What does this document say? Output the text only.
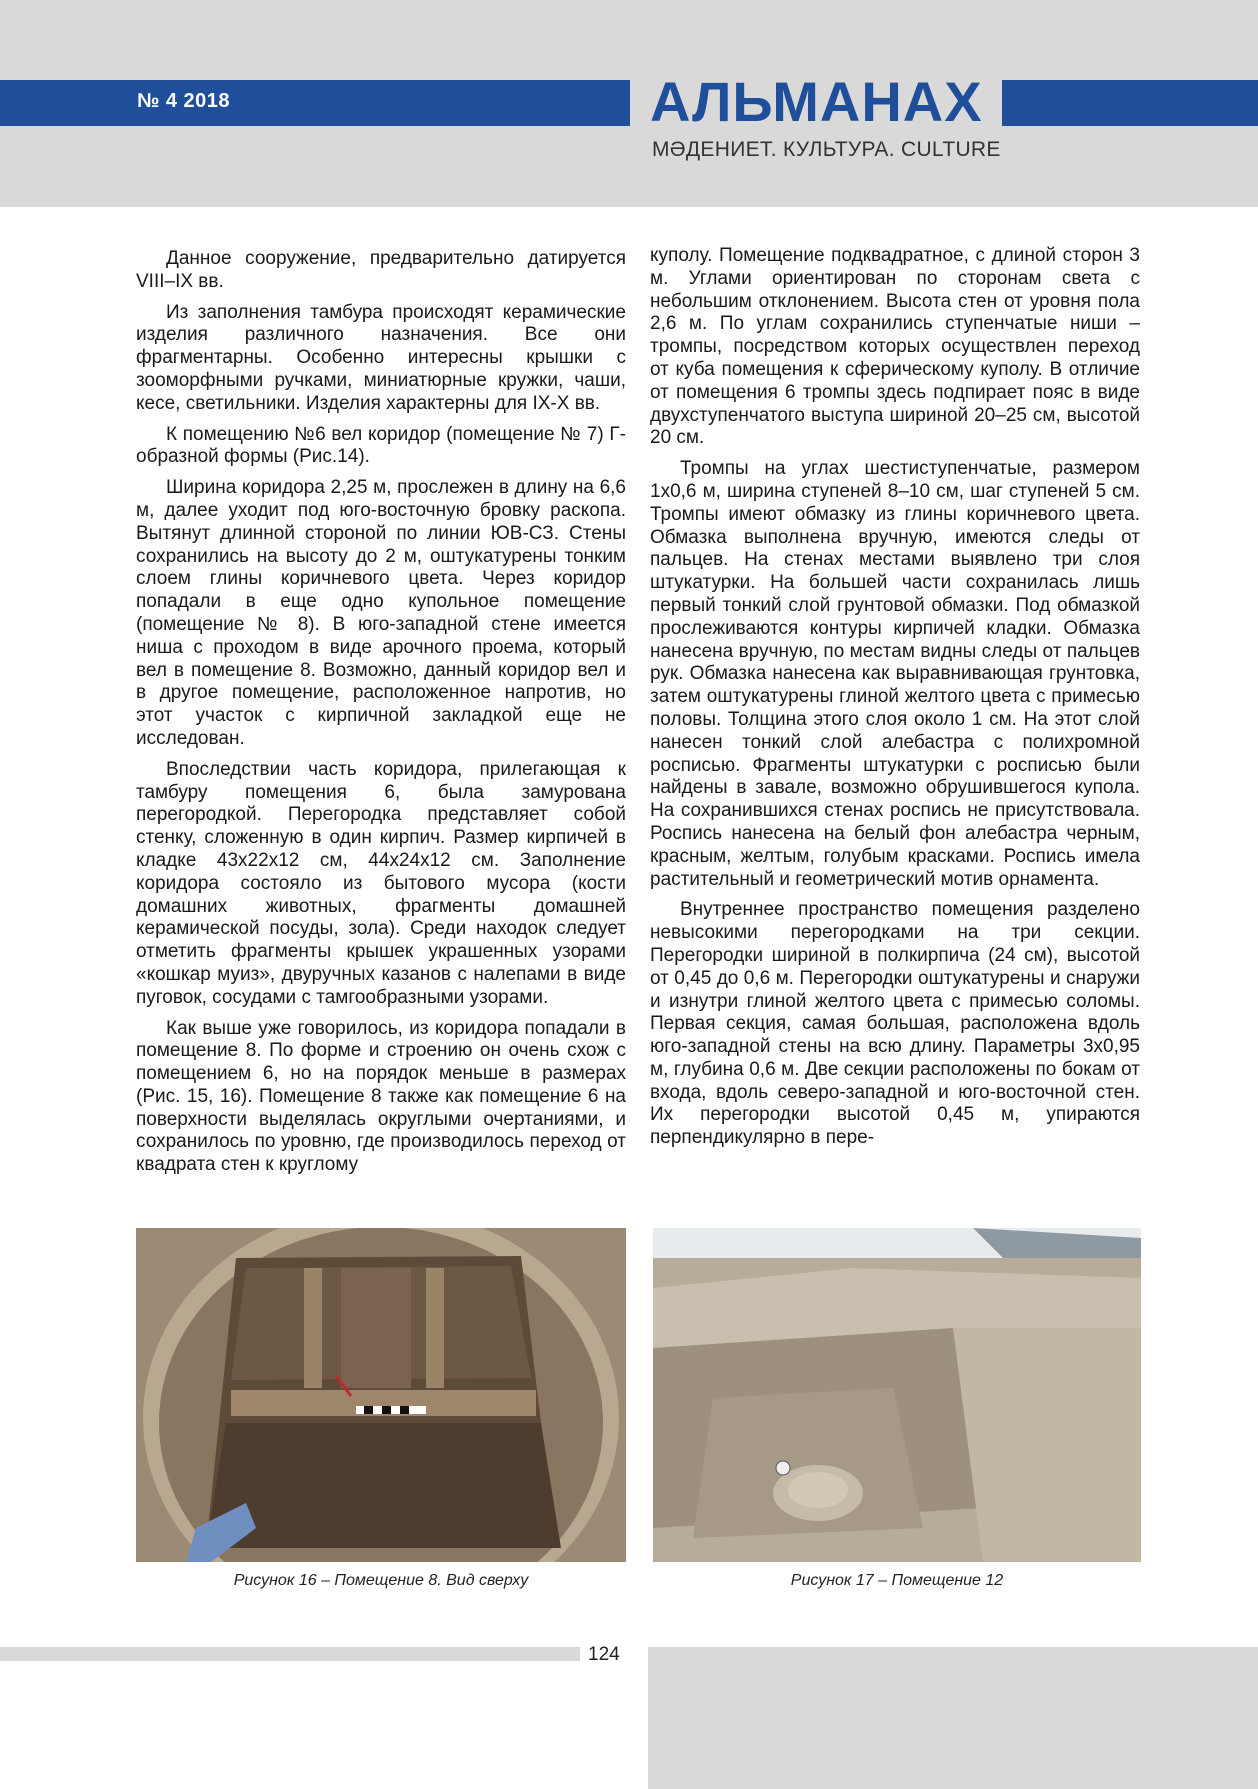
№ 4 2018	АЛЬМАНАХ
МӘДЕНИЕТ. КУЛЬТУРА. CULTURE

Данное сооружение, предварительно датируется VIII–IX вв.

Из заполнения тамбура происходят керамические изделия различного назначения. Все они фрагментарны. Особенно интересны крышки с зооморфными ручками, миниатюрные кружки, чаши, кесе, светильники. Изделия характерны для IX-X вв.

К помещению №6 вел коридор (помещение № 7) Г-образной формы (Рис.14).

Ширина коридора 2,25 м, прослежен в длину на 6,6 м, далее уходит под юго-восточную бровку раскопа. Вытянут длинной стороной по линии ЮВ-СЗ. Стены сохранились на высоту до 2 м, оштукатурены тонким слоем глины коричневого цвета. Через коридор попадали в еще одно купольное помещение (помещение № 8). В юго-западной стене имеется ниша с проходом в виде арочного проема, который вел в помещение 8. Возможно, данный коридор вел и в другое помещение, расположенное напротив, но этот участок с кирпичной закладкой еще не исследован.

Впоследствии часть коридора, прилегающая к тамбуру помещения 6, была замурована перегородкой. Перегородка представляет собой стенку, сложенную в один кирпич. Размер кирпичей в кладке 43х22х12 см, 44х24х12 см. Заполнение коридора состояло из бытового мусора (кости домашних животных, фрагменты домашней керамической посуды, зола). Среди находок следует отметить фрагменты крышек украшенных узорами «кошкар муиз», двуручных казанов с налепами в виде пуговок, сосудами с тамгообразными узорами.

Как выше уже говорилось, из коридора попадали в помещение 8. По форме и строению он очень схож с помещением 6, но на порядок меньше в размерах (Рис. 15, 16). Помещение 8 также как помещение 6 на поверхности выделялась округлыми очертаниями, и сохранилось по уровню, где производилось переход от квадрата стен к круглому

куполу. Помещение подквадратное, с длиной сторон 3 м. Углами ориентирован по сторонам света с небольшим отклонением. Высота стен от уровня пола 2,6 м. По углам сохранились ступенчатые ниши – тромпы, посредством которых осуществлен переход от куба помещения к сферическому куполу. В отличие от помещения 6 тромпы здесь подпирает пояс в виде двухступенчатого выступа шириной 20–25 см, высотой 20 см.

Тромпы на углах шестиступенчатые, размером 1х0,6 м, ширина ступеней 8–10 см, шаг ступеней 5 см. Тромпы имеют обмазку из глины коричневого цвета. Обмазка выполнена вручную, имеются следы от пальцев. На стенах местами выявлено три слоя штукатурки. На большей части сохранилась лишь первый тонкий слой грунтовой обмазки. Под обмазкой прослеживаются контуры кирпичей кладки. Обмазка нанесена вручную, по местам видны следы от пальцев рук. Обмазка нанесена как выравнивающая грунтовка, затем оштукатурены глиной желтого цвета с примесью половы. Толщина этого слоя около 1 см. На этот слой нанесен тонкий слой алебастра с полихромной росписью. Фрагменты штукатурки с росписью были найдены в завале, возможно обрушившегося купола. На сохранившихся стенах роспись не присутствовала. Роспись нанесена на белый фон алебастра черным, красным, желтым, голубым красками. Роспись имела растительный и геометрический мотив орнамента.

Внутреннее пространство помещения разделено невысокими перегородками на три секции. Перегородки шириной в полкирпича (24 см), высотой от 0,45 до 0,6 м. Перегородки оштукатурены и снаружи и изнутри глиной желтого цвета с примесью соломы. Первая секция, самая большая, расположена вдоль юго-западной стены на всю длину. Параметры 3х0,95 м, глубина 0,6 м. Две секции расположены по бокам от входа, вдоль северо-западной и юго-восточной стен. Их перегородки высотой 0,45 м, упираются перпендикулярно в пере-

Рисунок 16 – Помещение 8. Вид сверху	Рисунок 17 – Помещение 12
124
